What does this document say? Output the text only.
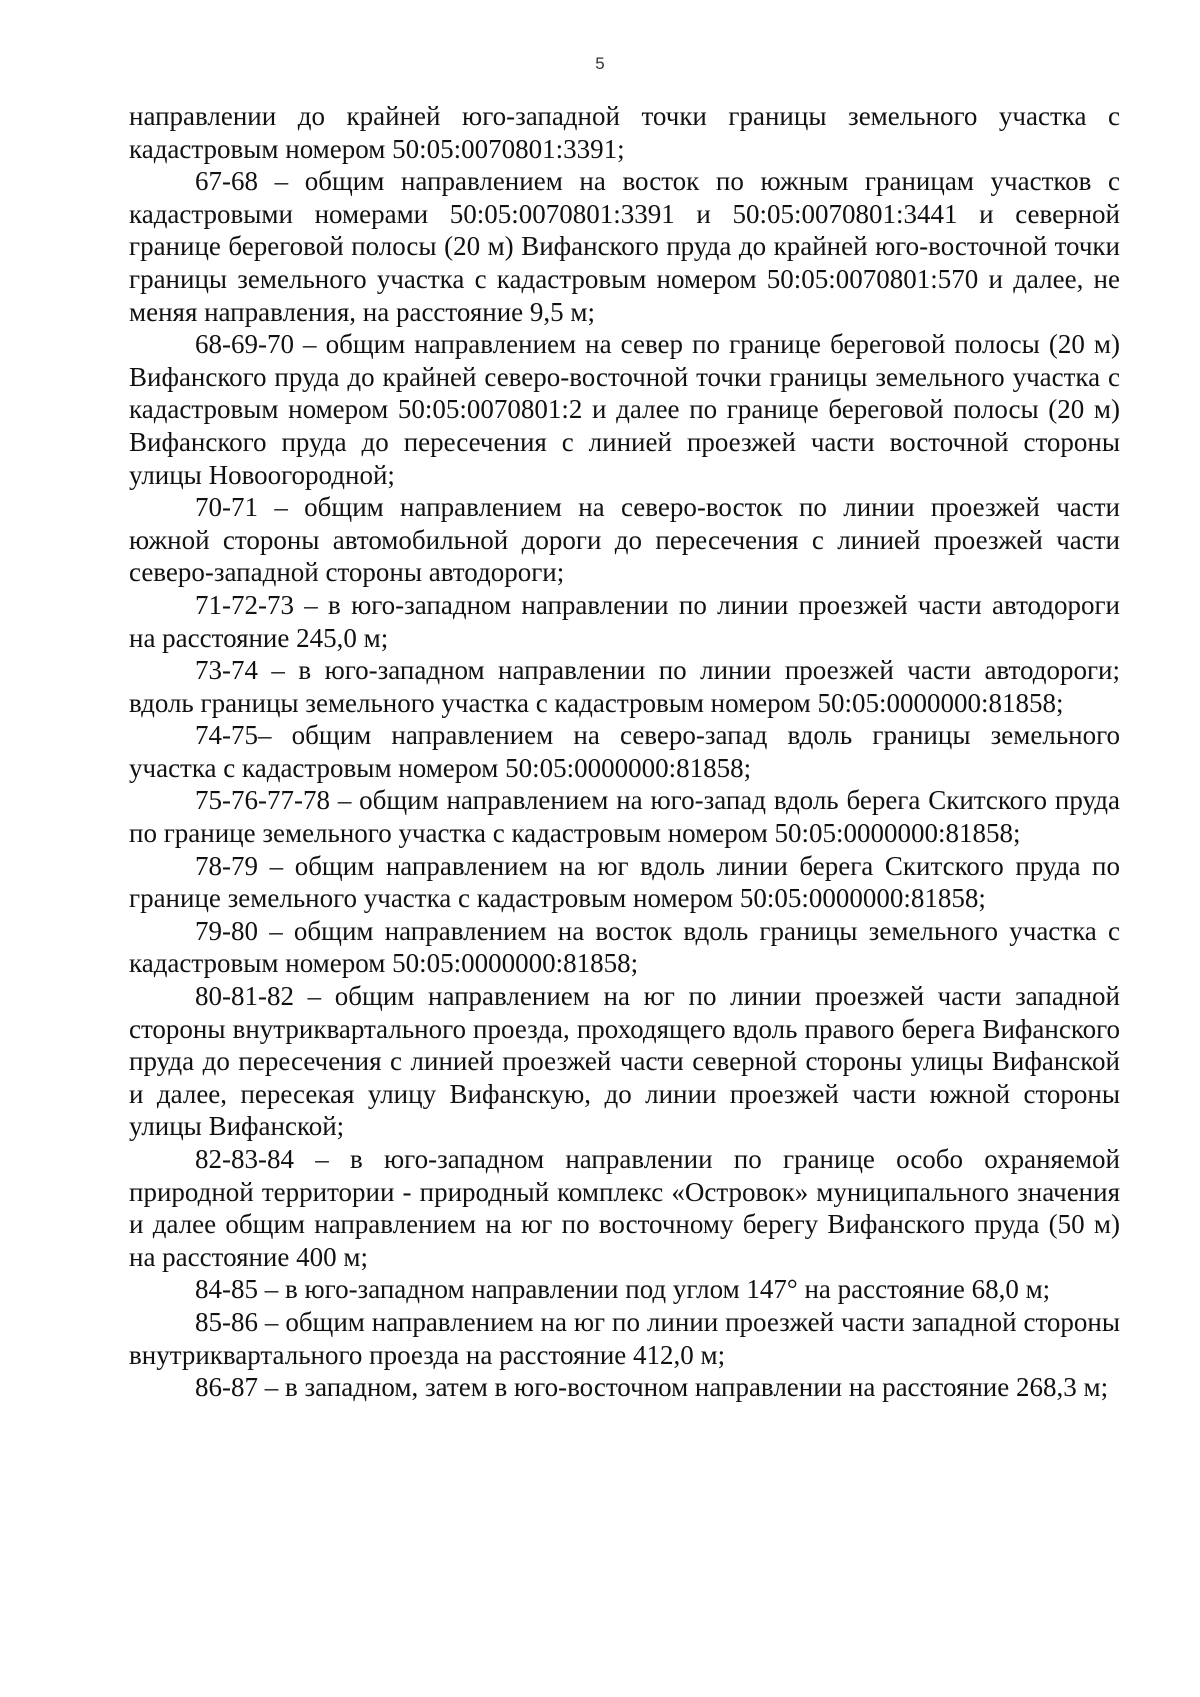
5

направлении до крайней юго-западной точки границы земельного участка с кадастровым номером 50:05:0070801:3391;

67-68 – общим направлением на восток по южным границам участков с кадастровыми номерами 50:05:0070801:3391 и 50:05:0070801:3441 и северной границе береговой полосы (20 м) Вифанского пруда до крайней юго-восточной точки границы земельного участка с кадастровым номером 50:05:0070801:570 и далее, не меняя направления, на расстояние 9,5 м;

68-69-70 – общим направлением на север по границе береговой полосы (20 м) Вифанского пруда до крайней северо-восточной точки границы земельного участка с кадастровым номером 50:05:0070801:2 и далее по границе береговой полосы (20 м) Вифанского пруда до пересечения с линией проезжей части восточной стороны улицы Новоогородной;

70-71 – общим направлением на северо-восток по линии проезжей части южной стороны автомобильной дороги до пересечения с линией проезжей части северо-западной стороны автодороги;

71-72-73 – в юго-западном направлении по линии проезжей части автодороги на расстояние 245,0 м;

73-74 – в юго-западном направлении по линии проезжей части автодороги; вдоль границы земельного участка с кадастровым номером 50:05:0000000:81858;

74-75– общим направлением на северо-запад вдоль границы земельного участка с кадастровым номером 50:05:0000000:81858;

75-76-77-78 – общим направлением на юго-запад вдоль берега Скитского пруда по границе земельного участка с кадастровым номером 50:05:0000000:81858;

78-79 – общим направлением на юг вдоль линии берега Скитского пруда по границе земельного участка с кадастровым номером 50:05:0000000:81858;

79-80 – общим направлением на восток вдоль границы земельного участка с кадастровым номером 50:05:0000000:81858;

80-81-82 – общим направлением на юг по линии проезжей части западной стороны внутриквартального проезда, проходящего вдоль правого берега Вифанского пруда до пересечения с линией проезжей части северной стороны улицы Вифанской и далее, пересекая улицу Вифанскую, до линии проезжей части южной стороны улицы Вифанской;

82-83-84 – в юго-западном направлении по границе особо охраняемой природной территории - природный комплекс «Островок» муниципального значения и далее общим направлением на юг по восточному берегу Вифанского пруда (50 м) на расстояние 400 м;

84-85 – в юго-западном направлении под углом 147° на расстояние 68,0 м;

85-86 – общим направлением на юг по линии проезжей части западной стороны внутриквартального проезда на расстояние 412,0 м;

86-87 – в западном, затем в юго-восточном направлении на расстояние 268,3 м;
